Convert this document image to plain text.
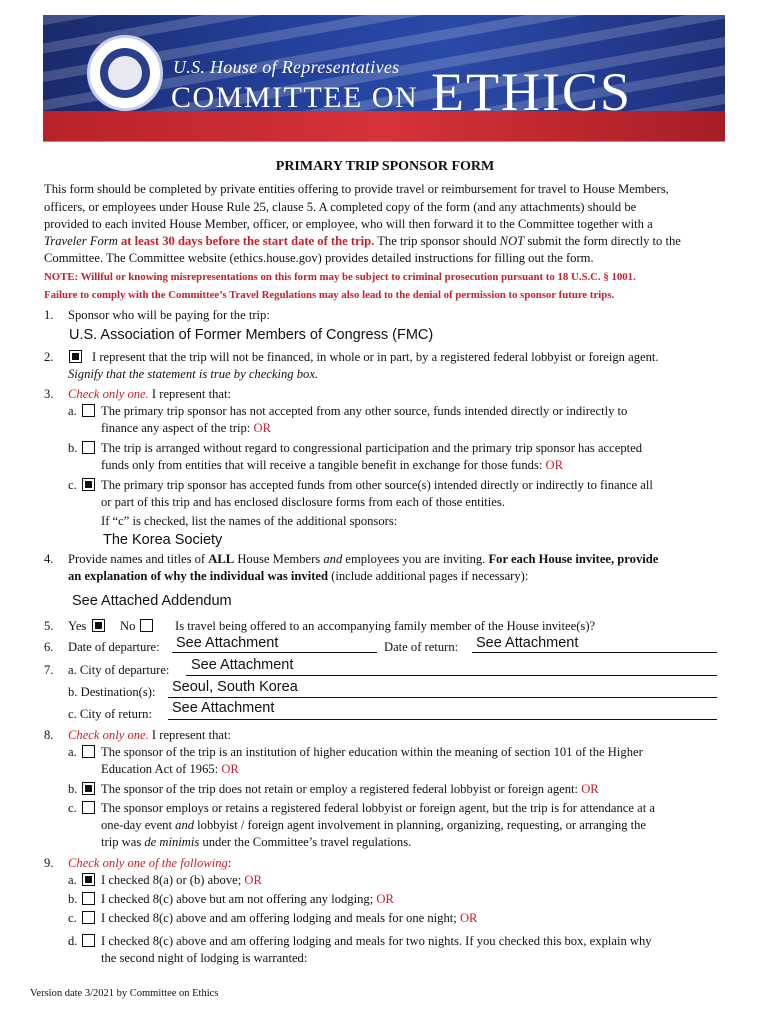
U.S. House of Representatives
COMMITTEE ON ETHICS
PRIMARY TRIP SPONSOR FORM
This form should be completed by private entities offering to provide travel or reimbursement for travel to House Members,
officers, or employees under House Rule 25, clause 5. A completed copy of the form (and any attachments) should be
provided to each invited House Member, officer, or employee, who will then forward it to the Committee together with a
Traveler Form at least 30 days before the start date of the trip. The trip sponsor should NOT submit the form directly to the
Committee. The Committee website (ethics.house.gov) provides detailed instructions for filling out the form.
NOTE: Willful or knowing misrepresentations on this form may be subject to criminal prosecution pursuant to 18 U.S.C. § 1001.
Failure to comply with the Committee’s Travel Regulations may also lead to the denial of permission to sponsor future trips.
1. Sponsor who will be paying for the trip:
U.S. Association of Former Members of Congress (FMC)
2.	I represent that the trip will not be financed, in whole or in part, by a registered federal lobbyist or foreign agent.
Signify that the statement is true by checking box.
3. Check only one. I represent that:
a. The primary trip sponsor has not accepted from any other source, funds intended directly or indirectly to
finance any aspect of the trip: OR
b. The trip is arranged without regard to congressional participation and the primary trip sponsor has accepted
funds only from entities that will receive a tangible benefit in exchange for those funds: OR
c. The primary trip sponsor has accepted funds from other source(s) intended directly or indirectly to finance all
or part of this trip and has enclosed disclosure forms from each of those entities.
If “c” is checked, list the names of the additional sponsors:
The Korea Society
4. Provide names and titles of ALL House Members and employees you are inviting. For each House invitee, provide
an explanation of why the individual was invited (include additional pages if necessary):
See Attached Addendum
5. Yes	No	Is travel being offered to an accompanying family member of the House invitee(s)?
6. Date of departure: See Attachment	Date of return: See Attachment
7. a. City of departure: See Attachment
b. Destination(s): Seoul, South Korea
c. City of return: See Attachment
8. Check only one. I represent that:
a. The sponsor of the trip is an institution of higher education within the meaning of section 101 of the Higher
Education Act of 1965: OR
b. The sponsor of the trip does not retain or employ a registered federal lobbyist or foreign agent: OR
c. The sponsor employs or retains a registered federal lobbyist or foreign agent, but the trip is for attendance at a
one-day event and lobbyist / foreign agent involvement in planning, organizing, requesting, or arranging the
trip was de minimis under the Committee’s travel regulations.
9. Check only one of the following:
a. I checked 8(a) or (b) above; OR
b. I checked 8(c) above but am not offering any lodging; OR
c. I checked 8(c) above and am offering lodging and meals for one night; OR
d. I checked 8(c) above and am offering lodging and meals for two nights. If you checked this box, explain why
the second night of lodging is warranted:
Version date 3/2021 by Committee on Ethics
